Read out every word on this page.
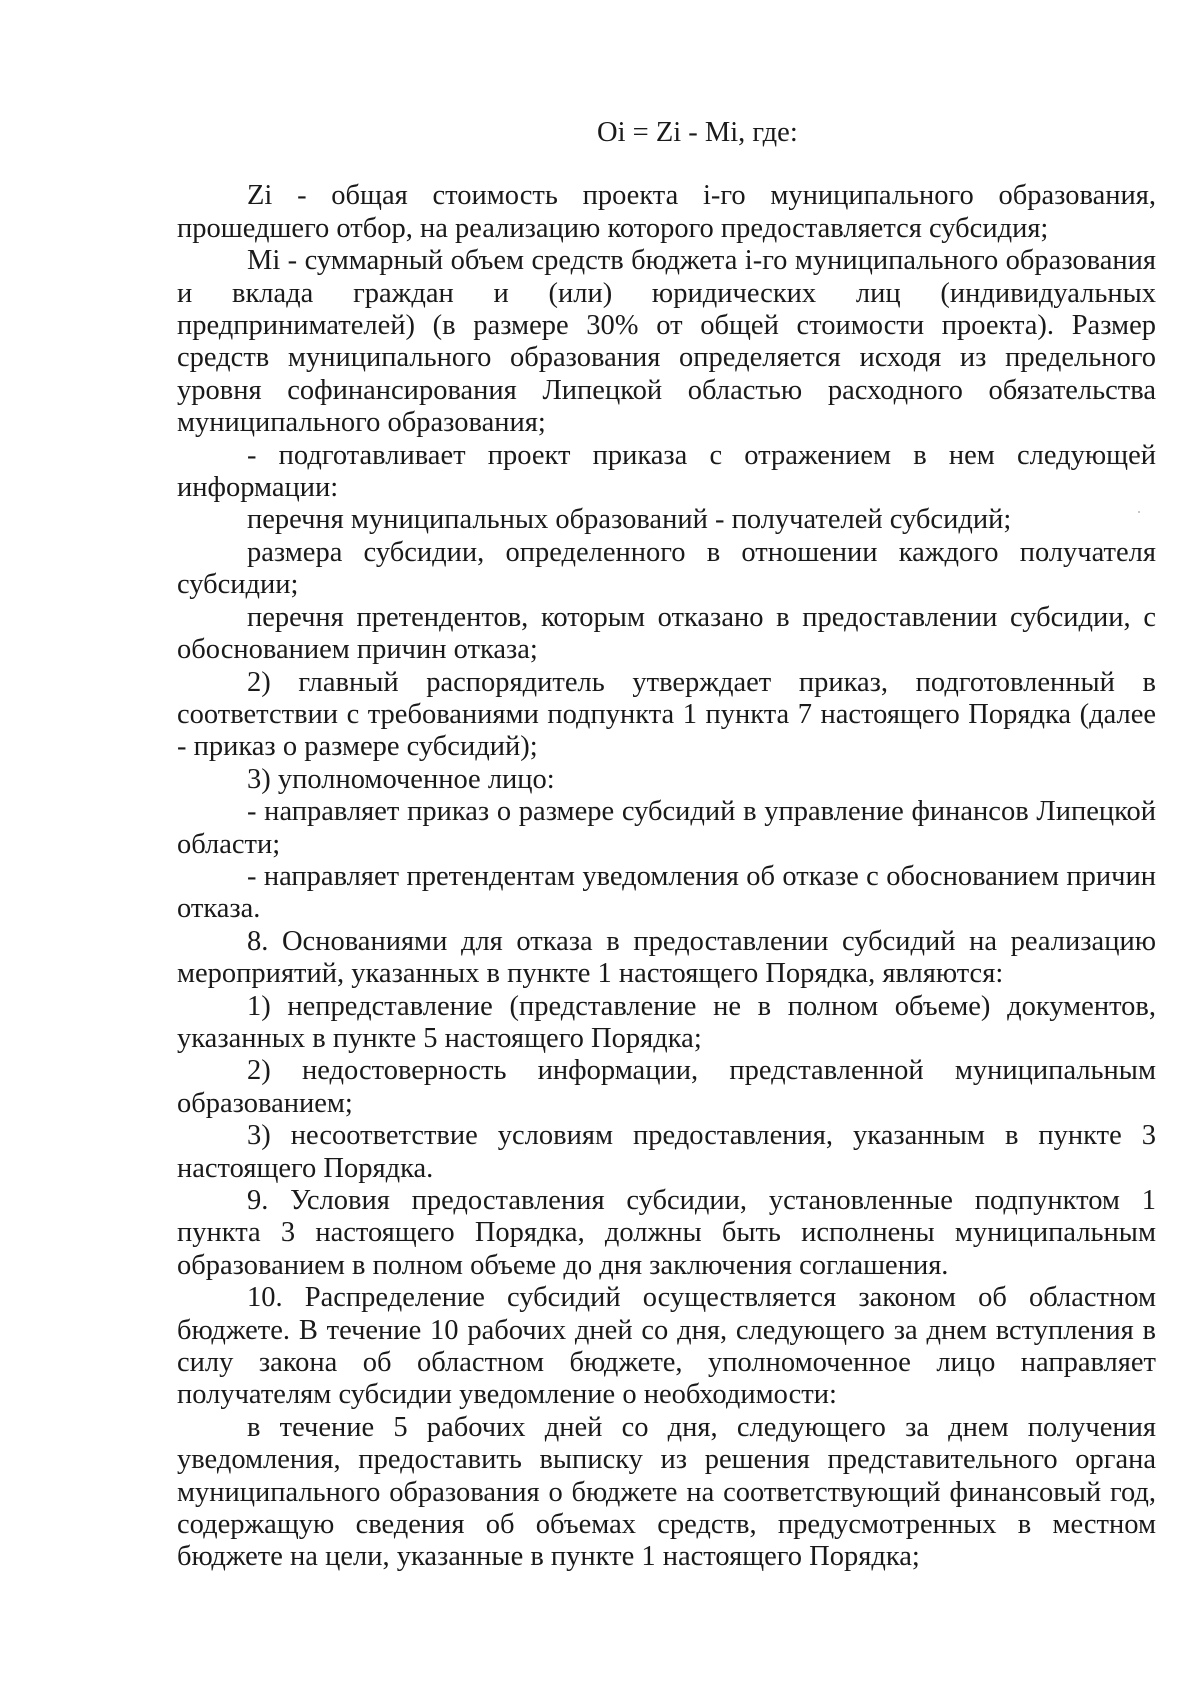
Oi = Zi - Mi, где:

Zi - общая стоимость проекта i-го муниципального образования, прошедшего отбор, на реализацию которого предоставляется субсидия;

Mi - суммарный объем средств бюджета i-го муниципального образования и вклада граждан и (или) юридических лиц (индивидуальных предпринимателей) (в размере 30% от общей стоимости проекта). Размер средств муниципального образования определяется исходя из предельного уровня софинансирования Липецкой областью расходного обязательства муниципального образования;

- подготавливает проект приказа с отражением в нем следующей информации:

перечня муниципальных образований - получателей субсидий;

размера субсидии, определенного в отношении каждого получателя субсидии;

перечня претендентов, которым отказано в предоставлении субсидии, с обоснованием причин отказа;

2) главный распорядитель утверждает приказ, подготовленный в соответствии с требованиями подпункта 1 пункта 7 настоящего Порядка (далее - приказ о размере субсидий);

3) уполномоченное лицо:

- направляет приказ о размере субсидий в управление финансов Липецкой области;

- направляет претендентам уведомления об отказе с обоснованием причин отказа.

8. Основаниями для отказа в предоставлении субсидий на реализацию мероприятий, указанных в пункте 1 настоящего Порядка, являются:

1) непредставление (представление не в полном объеме) документов, указанных в пункте 5 настоящего Порядка;

2) недостоверность информации, представленной муниципальным образованием;

3) несоответствие условиям предоставления, указанным в пункте 3 настоящего Порядка.

9. Условия предоставления субсидии, установленные подпунктом 1 пункта 3 настоящего Порядка, должны быть исполнены муниципальным образованием в полном объеме до дня заключения соглашения.

10. Распределение субсидий осуществляется законом об областном бюджете. В течение 10 рабочих дней со дня, следующего за днем вступления в силу закона об областном бюджете, уполномоченное лицо направляет получателям субсидии уведомление о необходимости:

в течение 5 рабочих дней со дня, следующего за днем получения уведомления, предоставить выписку из решения представительного органа муниципального образования о бюджете на соответствующий финансовый год, содержащую сведения об объемах средств, предусмотренных в местном бюджете на цели, указанные в пункте 1 настоящего Порядка;
